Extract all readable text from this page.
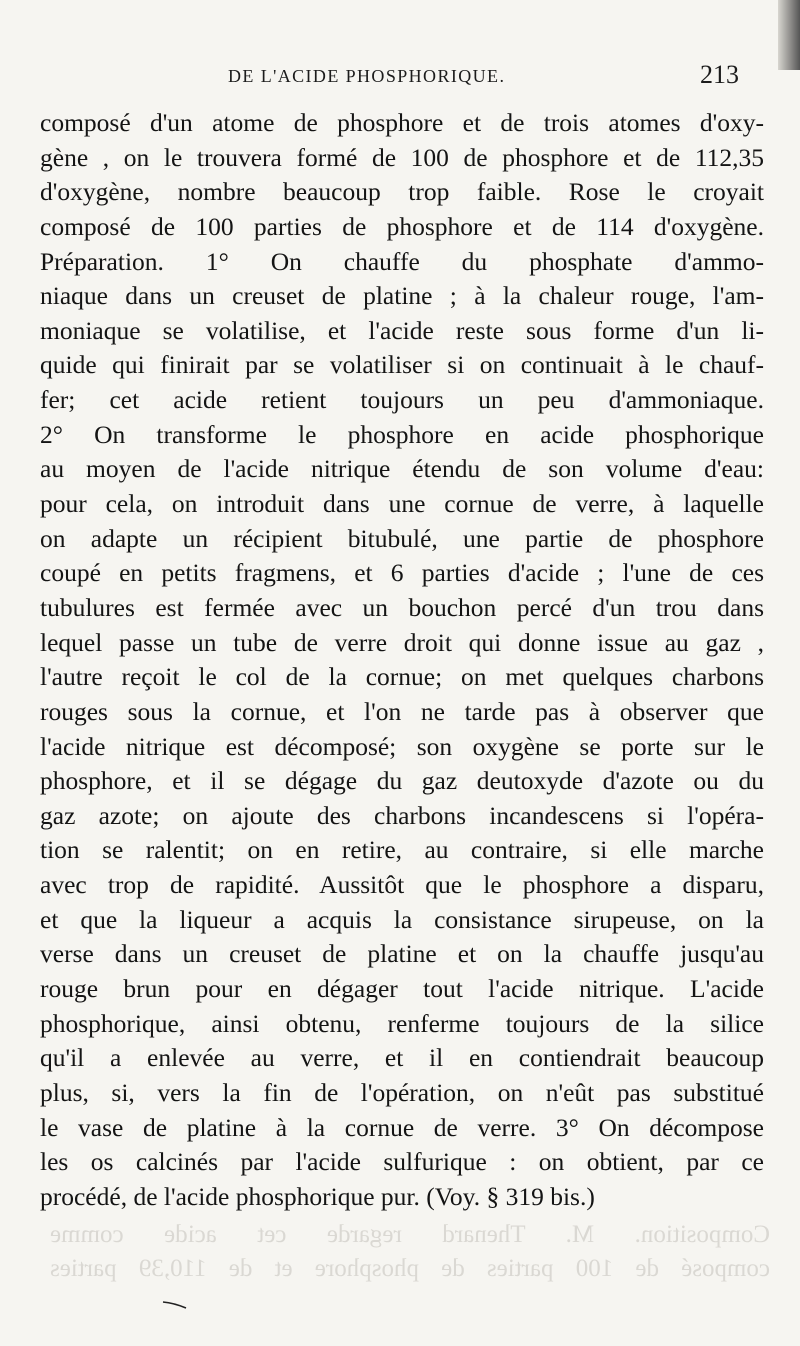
DE L'ACIDE PHOSPHORIQUE.	213
composé d'un atome de phosphore et de trois atomes d'oxy-
gène , on le trouvera formé de 100 de phosphore et de 112,35
d'oxygène, nombre beaucoup trop faible. Rose le croyait
composé de 100 parties de phosphore et de 114 d'oxygène.
Préparation. 1° On chauffe du phosphate d'ammo-
niaque dans un creuset de platine ; à la chaleur rouge, l'am-
moniaque se volatilise, et l'acide reste sous forme d'un li-
quide qui finirait par se volatiliser si on continuait à le chauf-
fer; cet acide retient toujours un peu d'ammoniaque.
2° On transforme le phosphore en acide phosphorique
au moyen de l'acide nitrique étendu de son volume d'eau:
pour cela, on introduit dans une cornue de verre, à laquelle
on adapte un récipient bitubulé, une partie de phosphore
coupé en petits fragmens, et 6 parties d'acide ; l'une de ces
tubulures est fermée avec un bouchon percé d'un trou dans
lequel passe un tube de verre droit qui donne issue au gaz ,
l'autre reçoit le col de la cornue; on met quelques charbons
rouges sous la cornue, et l'on ne tarde pas à observer que
l'acide nitrique est décomposé; son oxygène se porte sur le
phosphore, et il se dégage du gaz deutoxyde d'azote ou du
gaz azote; on ajoute des charbons incandescens si l'opéra-
tion se ralentit; on en retire, au contraire, si elle marche
avec trop de rapidité. Aussitôt que le phosphore a disparu,
et que la liqueur a acquis la consistance sirupeuse, on la
verse dans un creuset de platine et on la chauffe jusqu'au
rouge brun pour en dégager tout l'acide nitrique. L'acide
phosphorique, ainsi obtenu, renferme toujours de la silice
qu'il a enlevée au verre, et il en contiendrait beaucoup
plus, si, vers la fin de l'opération, on n'eût pas substitué
le vase de platine à la cornue de verre. 3° On décompose
les os calcinés par l'acide sulfurique : on obtient, par ce
procédé, de l'acide phosphorique pur. (Voy. § 319 bis.)
Composition. M. Thenard regarde cet acide comme
composé de 100 parties de phosphore et de 110,39 parties
